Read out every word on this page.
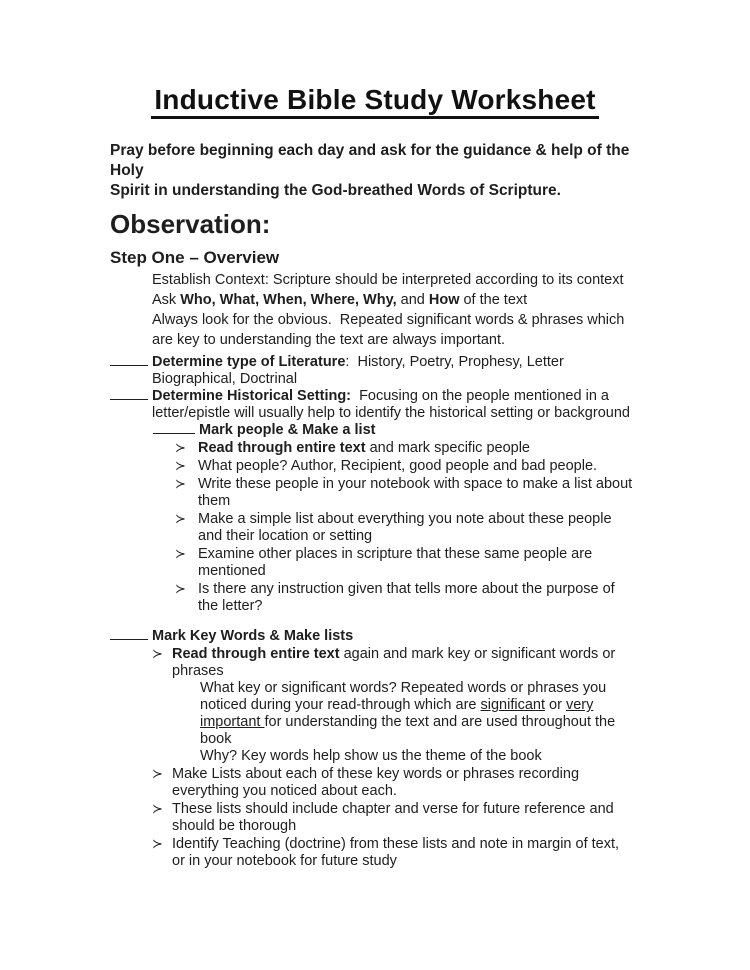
Inductive Bible Study Worksheet
Pray before beginning each day and ask for the guidance & help of the Holy
Spirit in understanding the God-breathed Words of Scripture.
Observation:
Step One – Overview
Establish Context: Scripture should be interpreted according to its context
Ask Who, What, When, Where, Why, and How of the text
Always look for the obvious.  Repeated significant words & phrases which
are key to understanding the text are always important.
Determine type of Literature:  History, Poetry, Prophesy, Letter
Biographical, Doctrinal
Determine Historical Setting:  Focusing on the people mentioned in a
letter/epistle will usually help to identify the historical setting or background
Mark people & Make a list
≻ Read through entire text and mark specific people
≻ What people? Author, Recipient, good people and bad people.
≻ Write these people in your notebook with space to make a list about
them
≻ Make a simple list about everything you note about these people
and their location or setting
≻ Examine other places in scripture that these same people are
mentioned
≻ Is there any instruction given that tells more about the purpose of
the letter?
Mark Key Words & Make lists
≻ Read through entire text again and mark key or significant words or
phrases
What key or significant words? Repeated words or phrases you
noticed during your read-through which are significant or very
important for understanding the text and are used throughout the
book
Why? Key words help show us the theme of the book
≻ Make Lists about each of these key words or phrases recording
everything you noticed about each.
≻ These lists should include chapter and verse for future reference and
should be thorough
≻ Identify Teaching (doctrine) from these lists and note in margin of text,
or in your notebook for future study
